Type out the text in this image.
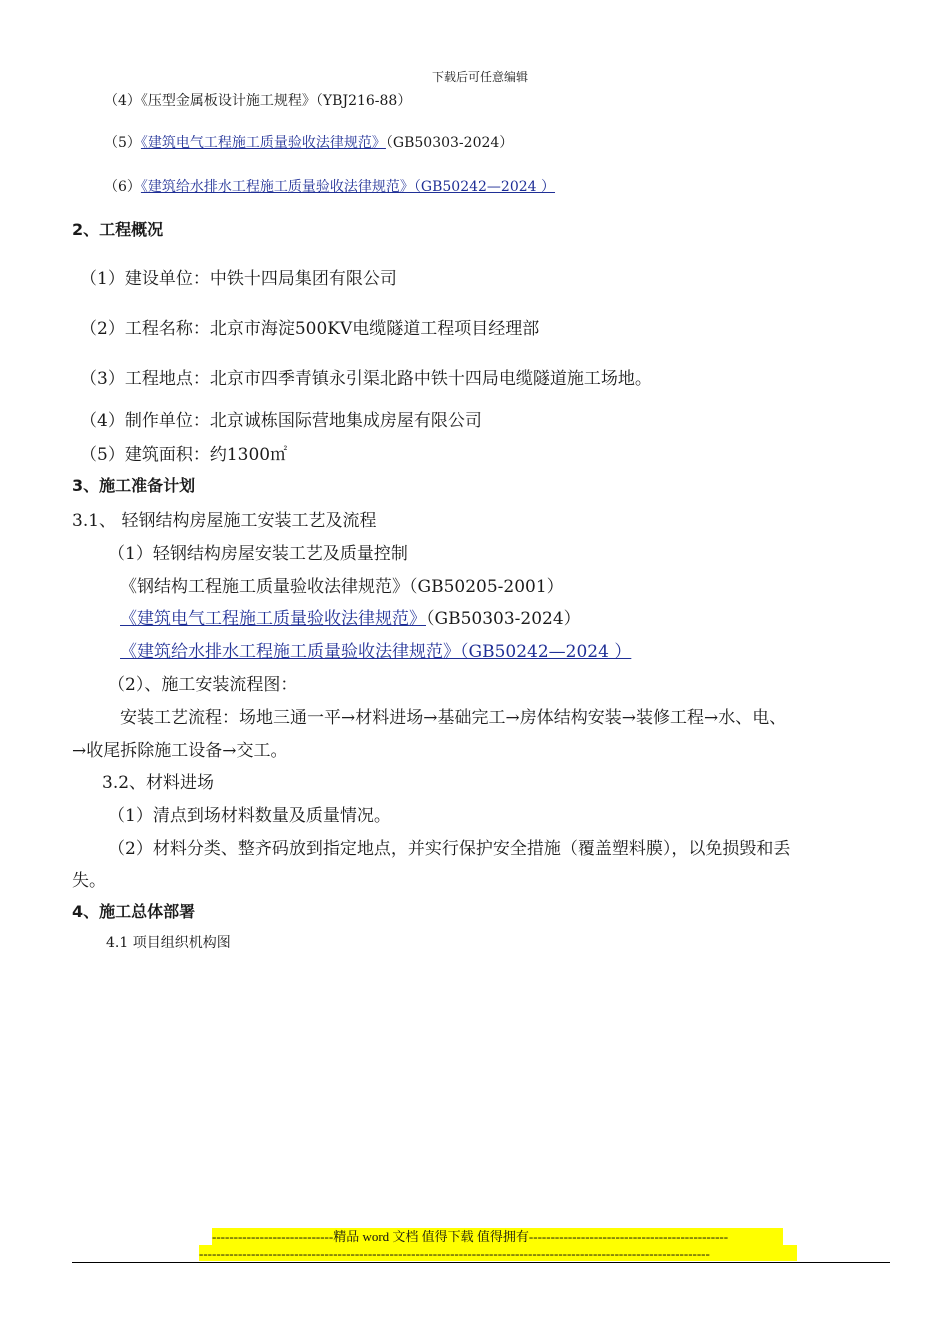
下载后可任意编辑
（4）《压型金属板设计施工规程》（YBJ216-88）
（5）《建筑电气工程施工质量验收法律规范》（GB50303-2024）
（6）《建筑给水排水工程施工质量验收法律规范》（GB50242—2024 ）
2、工程概况
（1）建设单位：中铁十四局集团有限公司
（2）工程名称：北京市海淀500KV电缆隧道工程项目经理部
（3）工程地点：北京市四季青镇永引渠北路中铁十四局电缆隧道施工场地。
（4）制作单位：北京诚栋国际营地集成房屋有限公司
（5）建筑面积：约1300㎡
3、施工准备计划
3.1、 轻钢结构房屋施工安装工艺及流程
（1）轻钢结构房屋安装工艺及质量控制
《钢结构工程施工质量验收法律规范》（GB50205-2001）
《建筑电气工程施工质量验收法律规范》（GB50303-2024）
《建筑给水排水工程施工质量验收法律规范》（GB50242—2024 ）
（2）、施工安装流程图：
安装工艺流程：场地三通一平→材料进场→基础完工→房体结构安装→装修工程→水、电、
→收尾拆除施工设备→交工。
3.2、材料进场
（1）清点到场材料数量及质量情况。
（2）材料分类、整齐码放到指定地点，并实行保护安全措施（覆盖塑料膜），以免损毁和丢
失。
4、施工总体部署
4.1 项目组织机构图
----------------------------精品 word 文档 值得下载 值得拥有----------------------------------------------
----------------------------------------------------------------------------------------------------------------------
